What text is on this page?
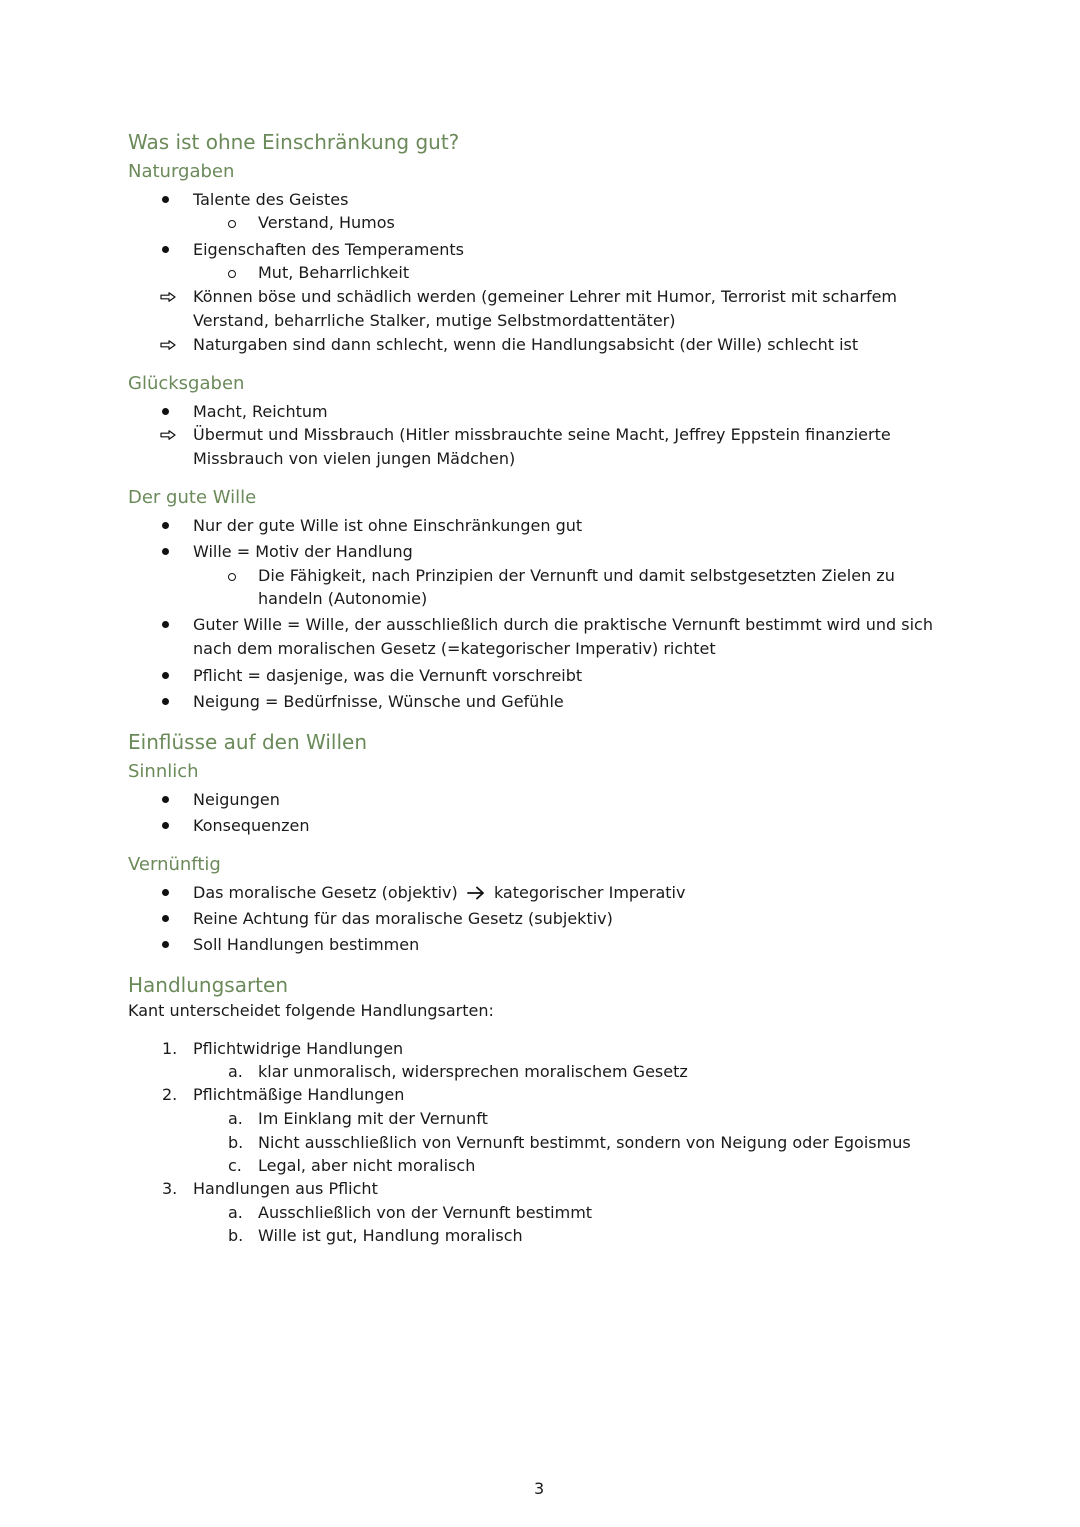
Was ist ohne Einschränkung gut?
Naturgaben
Talente des Geistes
Verstand, Humos
Eigenschaften des Temperaments
Mut, Beharrlichkeit
Können böse und schädlich werden (gemeiner Lehrer mit Humor, Terrorist mit scharfem
Verstand, beharrliche Stalker, mutige Selbstmordattentäter)
Naturgaben sind dann schlecht, wenn die Handlungsabsicht (der Wille) schlecht ist
Glücksgaben
Macht, Reichtum
Übermut und Missbrauch (Hitler missbrauchte seine Macht, Jeffrey Eppstein finanzierte
Missbrauch von vielen jungen Mädchen)
Der gute Wille
Nur der gute Wille ist ohne Einschränkungen gut
Wille = Motiv der Handlung
Die Fähigkeit, nach Prinzipien der Vernunft und damit selbstgesetzten Zielen zu
handeln (Autonomie)
Guter Wille = Wille, der ausschließlich durch die praktische Vernunft bestimmt wird und sich
nach dem moralischen Gesetz (=kategorischer Imperativ) richtet
Pflicht = dasjenige, was die Vernunft vorschreibt
Neigung = Bedürfnisse, Wünsche und Gefühle
Einflüsse auf den Willen
Sinnlich
Neigungen
Konsequenzen
Vernünftig
Das moralische Gesetz (objektiv) kategorischer Imperativ
Reine Achtung für das moralische Gesetz (subjektiv)
Soll Handlungen bestimmen
Handlungsarten
Kant unterscheidet folgende Handlungsarten:
1. Pflichtwidrige Handlungen
a. klar unmoralisch, widersprechen moralischem Gesetz
2. Pflichtmäßige Handlungen
a. Im Einklang mit der Vernunft
b. Nicht ausschließlich von Vernunft bestimmt, sondern von Neigung oder Egoismus
c. Legal, aber nicht moralisch
3. Handlungen aus Pflicht
a. Ausschließlich von der Vernunft bestimmt
b. Wille ist gut, Handlung moralisch
3
